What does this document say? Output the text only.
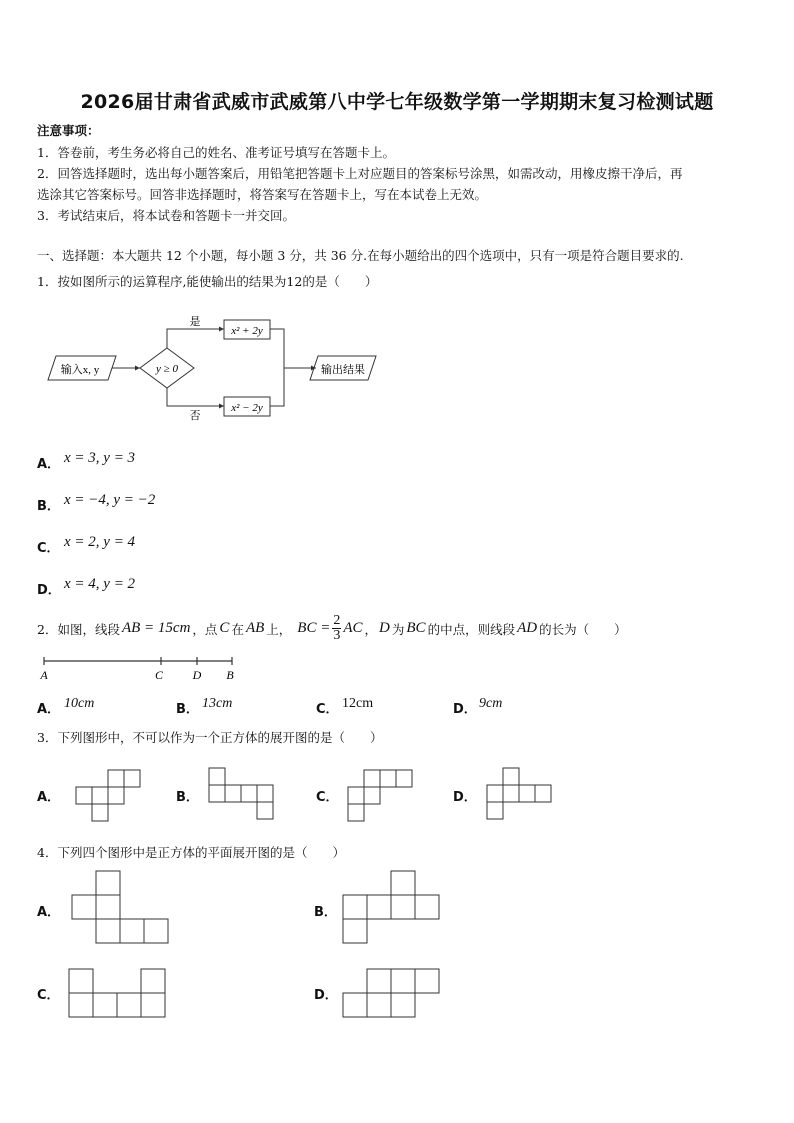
2026届甘肃省武威市武威第八中学七年级数学第一学期期末复习检测试题
注意事项：
1．答卷前，考生务必将自己的姓名、准考证号填写在答题卡上。
2．回答选择题时，选出每小题答案后，用铅笔把答题卡上对应题目的答案标号涂黑，如需改动，用橡皮擦干净后，再
选涂其它答案标号。回答非选择题时，将答案写在答题卡上，写在本试卷上无效。
3．考试结束后，将本试卷和答题卡一并交回。
一、选择题：本大题共 12 个小题，每小题 3 分，共 36 分.在每小题给出的四个选项中，只有一项是符合题目要求的.
1．按如图所示的运算程序,能使输出的结果为12的是（　　）
输入x, y	y ≥ 0
是
否
x² + 2y
x² − 2y
输出结果
A． x = 3, y = 3
B． x = −4, y = −2
C． x = 2, y = 4
D． x = 4, y = 2
2．如图，线段 AB = 15cm ，点 C 在 AB 上， BC = $\frac{2}{3}$ AC ， D 为 BC 的中点，则线段 AD 的长为（　　）
A	C D B
A． 10cm	B． 13cm	C． 12cm	D． 9cm
3．下列图形中，不可以作为一个正方体的展开图的是（　　）
A．	B．	C．	D．
4．下列四个图形中是正方体的平面展开图的是（　　）
A．	B．
C．	D．
